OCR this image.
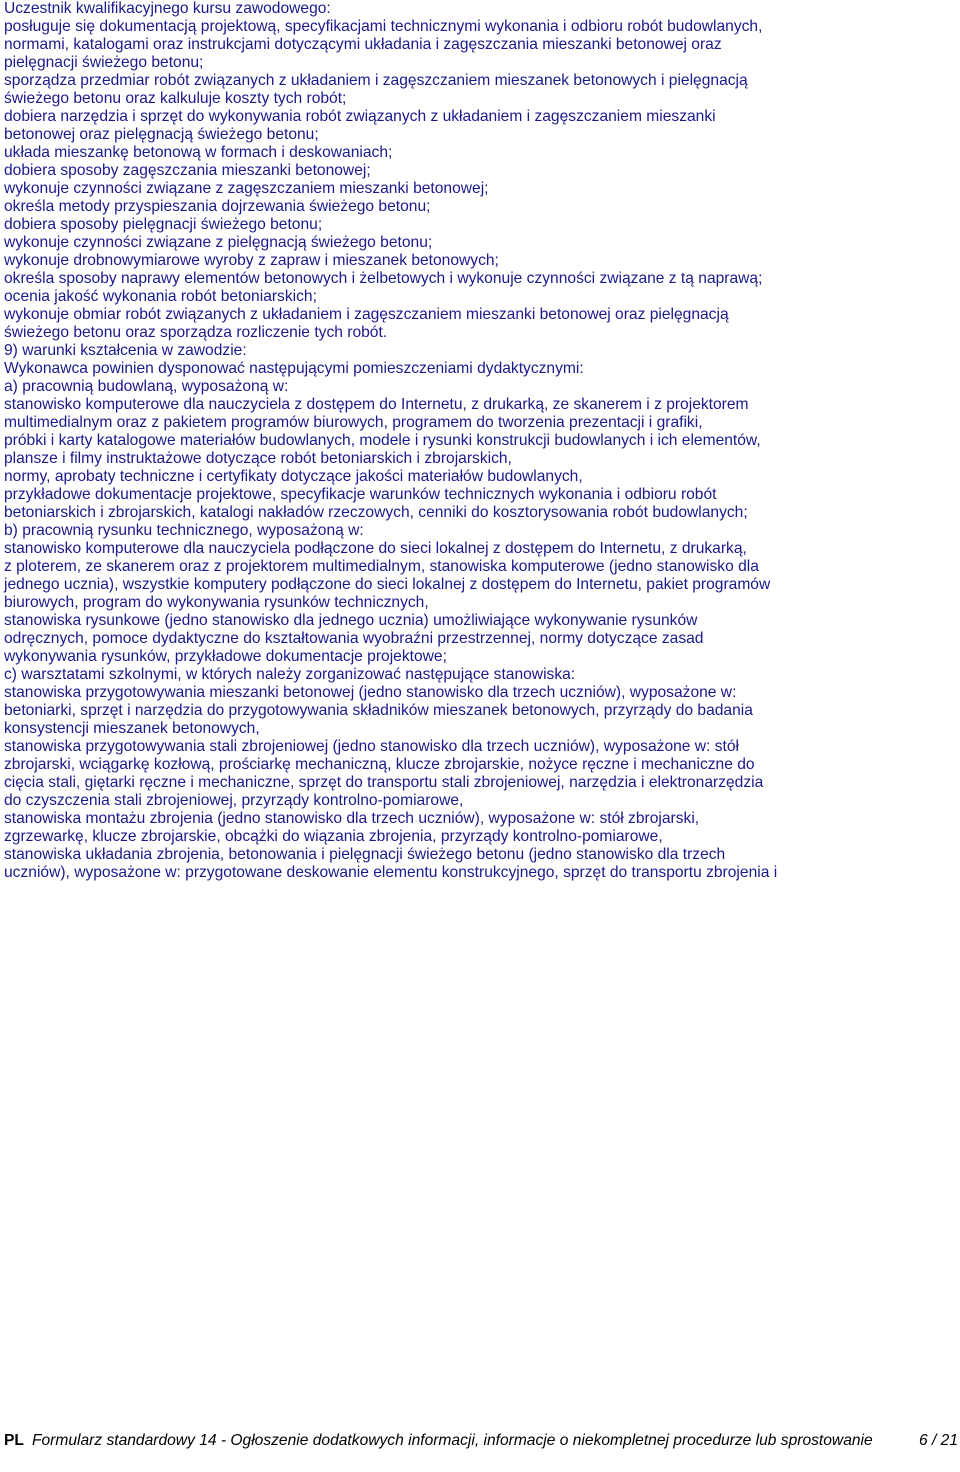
Uczestnik kwalifikacyjnego kursu zawodowego:
posługuje się dokumentacją projektową, specyfikacjami technicznymi wykonania i odbioru robót budowlanych,
normami, katalogami oraz instrukcjami dotyczącymi układania i zagęszczania mieszanki betonowej oraz
pielęgnacji świeżego betonu;
sporządza przedmiar robót związanych z układaniem i zagęszczaniem mieszanek betonowych i pielęgnacją
świeżego betonu oraz kalkuluje koszty tych robót;
dobiera narzędzia i sprzęt do wykonywania robót związanych z układaniem i zagęszczaniem mieszanki
betonowej oraz pielęgnacją świeżego betonu;
układa mieszankę betonową w formach i deskowaniach;
dobiera sposoby zagęszczania mieszanki betonowej;
wykonuje czynności związane z zagęszczaniem mieszanki betonowej;
określa metody przyspieszania dojrzewania świeżego betonu;
dobiera sposoby pielęgnacji świeżego betonu;
wykonuje czynności związane z pielęgnacją świeżego betonu;
wykonuje drobnowymiarowe wyroby z zapraw i mieszanek betonowych;
określa sposoby naprawy elementów betonowych i żelbetowych i wykonuje czynności związane z tą naprawą;
ocenia jakość wykonania robót betoniarskich;
wykonuje obmiar robót związanych z układaniem i zagęszczaniem mieszanki betonowej oraz pielęgnacją
świeżego betonu oraz sporządza rozliczenie tych robót.
9) warunki kształcenia w zawodzie:
Wykonawca powinien dysponować następującymi pomieszczeniami dydaktycznymi:
a) pracownią budowlaną, wyposażoną w:
stanowisko komputerowe dla nauczyciela z dostępem do Internetu, z drukarką, ze skanerem i z projektorem
multimedialnym oraz z pakietem programów biurowych, programem do tworzenia prezentacji i grafiki,
próbki i karty katalogowe materiałów budowlanych, modele i rysunki konstrukcji budowlanych i ich elementów,
plansze i filmy instruktażowe dotyczące robót betoniarskich i zbrojarskich,
normy, aprobaty techniczne i certyfikaty dotyczące jakości materiałów budowlanych,
przykładowe dokumentacje projektowe, specyfikacje warunków technicznych wykonania i odbioru robót
betoniarskich i zbrojarskich, katalogi nakładów rzeczowych, cenniki do kosztorysowania robót budowlanych;
b) pracownią rysunku technicznego, wyposażoną w:
stanowisko komputerowe dla nauczyciela podłączone do sieci lokalnej z dostępem do Internetu, z drukarką,
z ploterem, ze skanerem oraz z projektorem multimedialnym, stanowiska komputerowe (jedno stanowisko dla
jednego ucznia), wszystkie komputery podłączone do sieci lokalnej z dostępem do Internetu, pakiet programów
biurowych, program do wykonywania rysunków technicznych,
stanowiska rysunkowe (jedno stanowisko dla jednego ucznia) umożliwiające wykonywanie rysunków
odręcznych, pomoce dydaktyczne do kształtowania wyobraźni przestrzennej, normy dotyczące zasad
wykonywania rysunków, przykładowe dokumentacje projektowe;
c) warsztatami szkolnymi, w których należy zorganizować następujące stanowiska:
stanowiska przygotowywania mieszanki betonowej (jedno stanowisko dla trzech uczniów), wyposażone w:
betoniarki, sprzęt i narzędzia do przygotowywania składników mieszanek betonowych, przyrządy do badania
konsystencji mieszanek betonowych,
stanowiska przygotowywania stali zbrojeniowej (jedno stanowisko dla trzech uczniów), wyposażone w: stół
zbrojarski, wciągarkę kozłową, prościarkę mechaniczną, klucze zbrojarskie, nożyce ręczne i mechaniczne do
cięcia stali, giętarki ręczne i mechaniczne, sprzęt do transportu stali zbrojeniowej, narzędzia i elektronarzędzia
do czyszczenia stali zbrojeniowej, przyrządy kontrolno-pomiarowe,
stanowiska montażu zbrojenia (jedno stanowisko dla trzech uczniów), wyposażone w: stół zbrojarski,
zgrzewarkę, klucze zbrojarskie, obcążki do wiązania zbrojenia, przyrządy kontrolno-pomiarowe,
stanowiska układania zbrojenia, betonowania i pielęgnacji świeżego betonu (jedno stanowisko dla trzech
uczniów), wyposażone w: przygotowane deskowanie elementu konstrukcyjnego, sprzęt do transportu zbrojenia i
PL Formularz standardowy 14 - Ogłoszenie dodatkowych informacji, informacje o niekompletnej procedurze lub sprostowanie	6 / 21
